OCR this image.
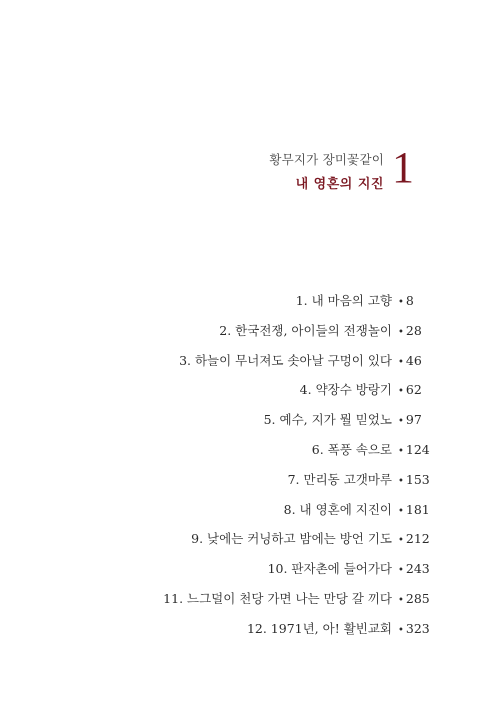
황무지가 장미꽃같이
내 영혼의 지진 1
1. 내 마음의 고향	• 8
2. 한국전쟁, 아이들의 전쟁놀이	• 28
3. 하늘이 무너져도 솟아날 구멍이 있다	• 46
4. 약장수 방랑기	• 62
5. 예수, 지가 뭘 믿었노	• 97
6. 폭풍 속으로	• 124
7. 만리동 고갯마루	• 153
8. 내 영혼에 지진이	• 181
9. 낮에는 커닝하고 밤에는 방언 기도	• 212
10. 판자촌에 들어가다	• 243
11. 느그덜이 천당 가면 나는 만당 갈 끼다	• 285
12. 1971년, 아! 활빈교회	• 323
